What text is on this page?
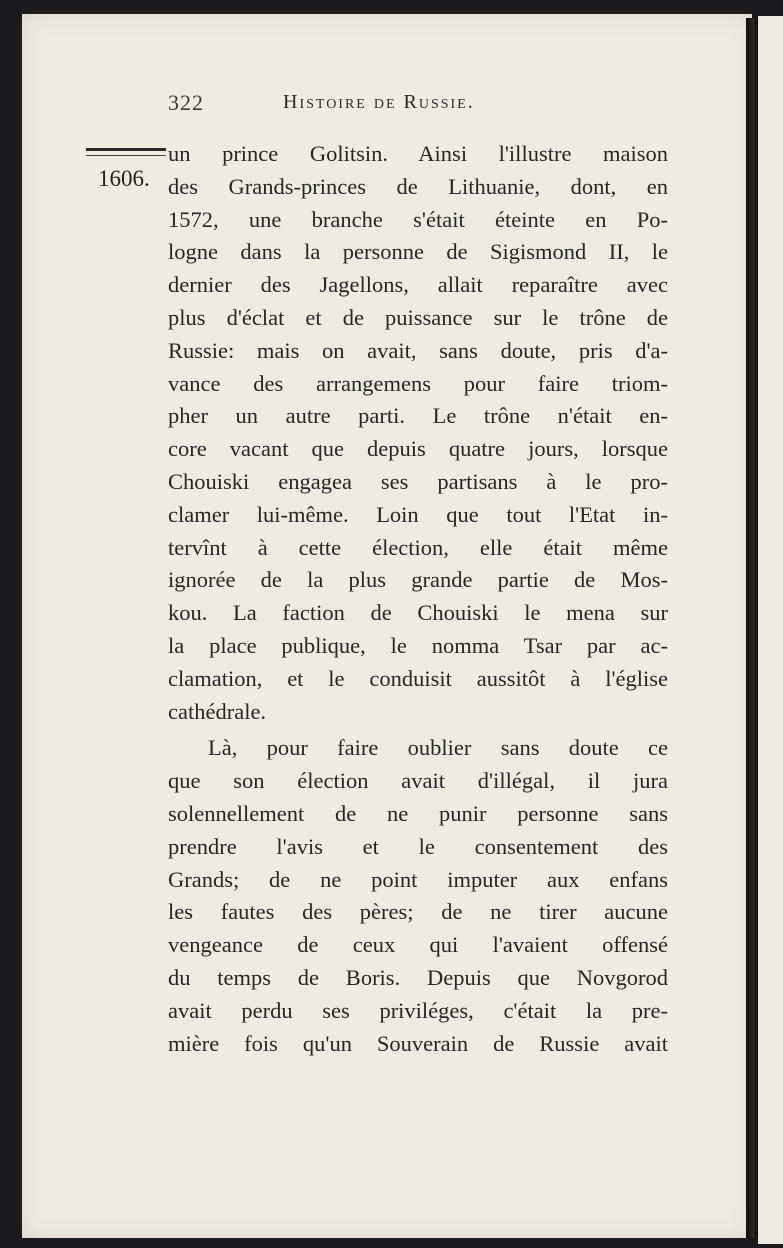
322	Histoire de Russie.
1606.
un prince Golitsin. Ainsi l'illustre maison
des Grands-princes de Lithuanie, dont, en
1572, une branche s'était éteinte en Po-
logne dans la personne de Sigismond II, le
dernier des Jagellons, allait reparaître avec
plus d'éclat et de puissance sur le trône de
Russie: mais on avait, sans doute, pris d'a-
vance des arrangemens pour faire triom-
pher un autre parti. Le trône n'était en-
core vacant que depuis quatre jours, lorsque
Chouiski engagea ses partisans à le pro-
clamer lui-même. Loin que tout l'Etat in-
tervînt à cette élection, elle était même
ignorée de la plus grande partie de Mos-
kou. La faction de Chouiski le mena sur
la place publique, le nomma Tsar par ac-
clamation, et le conduisit aussitôt à l'église
cathédrale.
Là, pour faire oublier sans doute ce
que son élection avait d'illégal, il jura
solennellement de ne punir personne sans
prendre l'avis et le consentement des
Grands; de ne point imputer aux enfans
les fautes des pères; de ne tirer aucune
vengeance de ceux qui l'avaient offensé
du temps de Boris. Depuis que Novgorod
avait perdu ses priviléges, c'était la pre-
mière fois qu'un Souverain de Russie avait
